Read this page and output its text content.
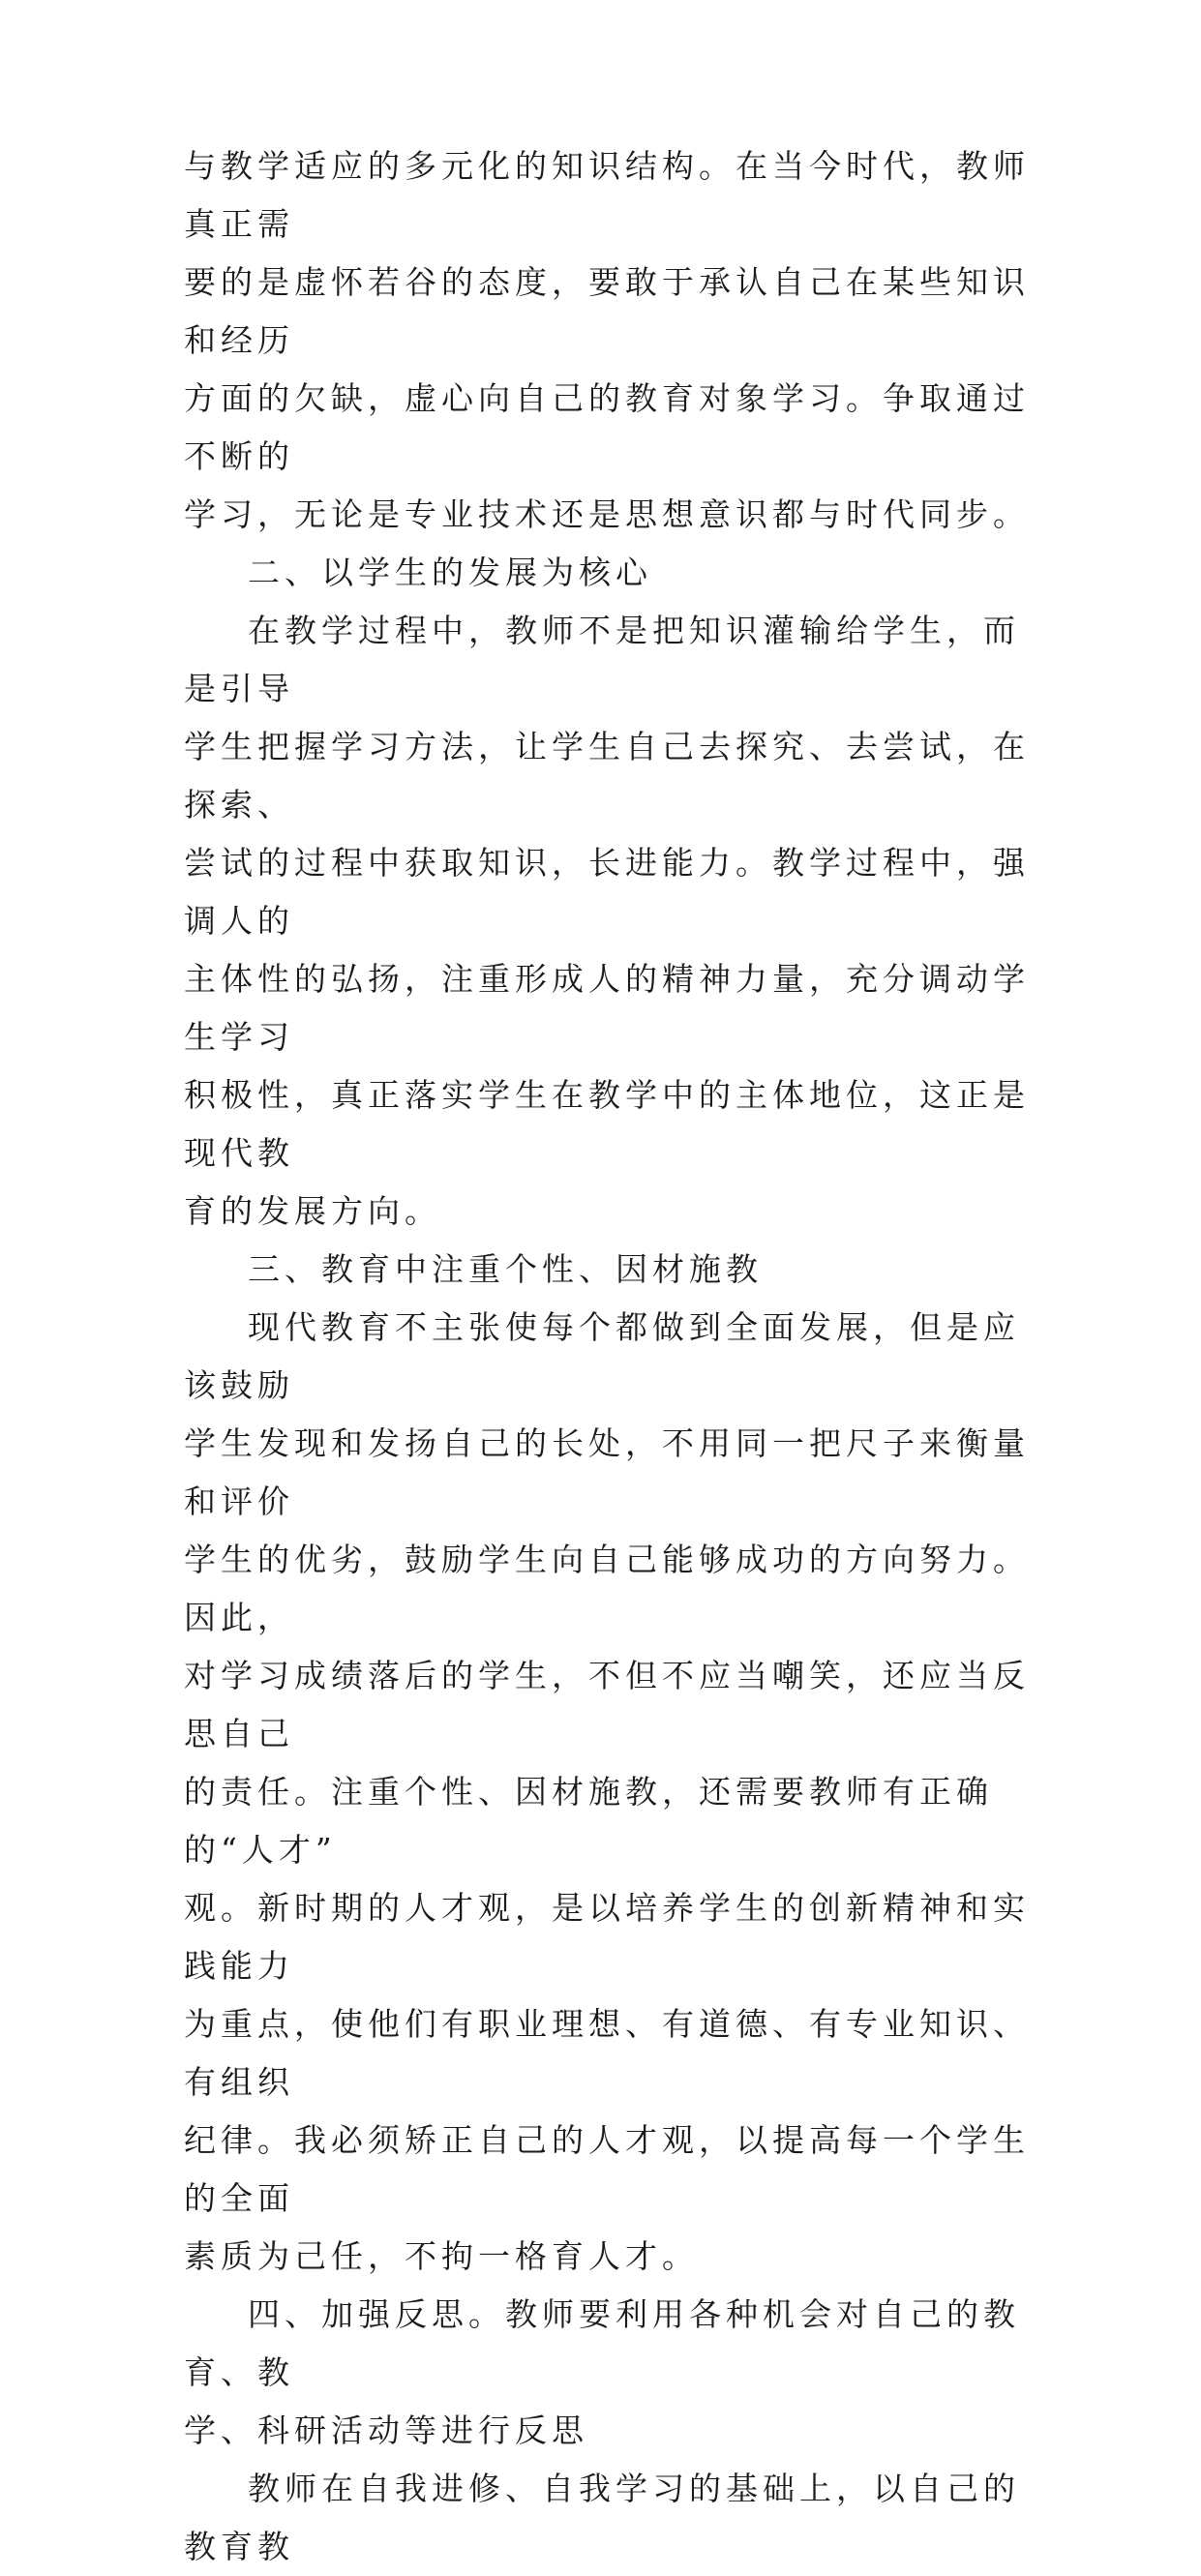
与教学适应的多元化的知识结构。在当今时代，教师真正需
要的是虚怀若谷的态度，要敢于承认自己在某些知识和经历
方面的欠缺，虚心向自己的教育对象学习。争取通过不断的
学习，无论是专业技术还是思想意识都与时代同步。
二、以学生的发展为核心
在教学过程中，教师不是把知识灌输给学生，而是引导
学生把握学习方法，让学生自己去探究、去尝试，在探索、
尝试的过程中获取知识，长进能力。教学过程中，强调人的
主体性的弘扬，注重形成人的精神力量，充分调动学生学习
积极性，真正落实学生在教学中的主体地位，这正是现代教
育的发展方向。
三、教育中注重个性、因材施教
现代教育不主张使每个都做到全面发展，但是应该鼓励
学生发现和发扬自己的长处，不用同一把尺子来衡量和评价
学生的优劣，鼓励学生向自己能够成功的方向努力。因此，
对学习成绩落后的学生，不但不应当嘲笑，还应当反思自己
的责任。注重个性、因材施教，还需要教师有正确的“人才”
观。新时期的人才观，是以培养学生的创新精神和实践能力
为重点，使他们有职业理想、有道德、有专业知识、有组织
纪律。我必须矫正自己的人才观，以提高每一个学生的全面
素质为己任，不拘一格育人才。
四、加强反思。教师要利用各种机会对自己的教育、教
学、科研活动等进行反思
教师在自我进修、自我学习的基础上，以自己的教育教
